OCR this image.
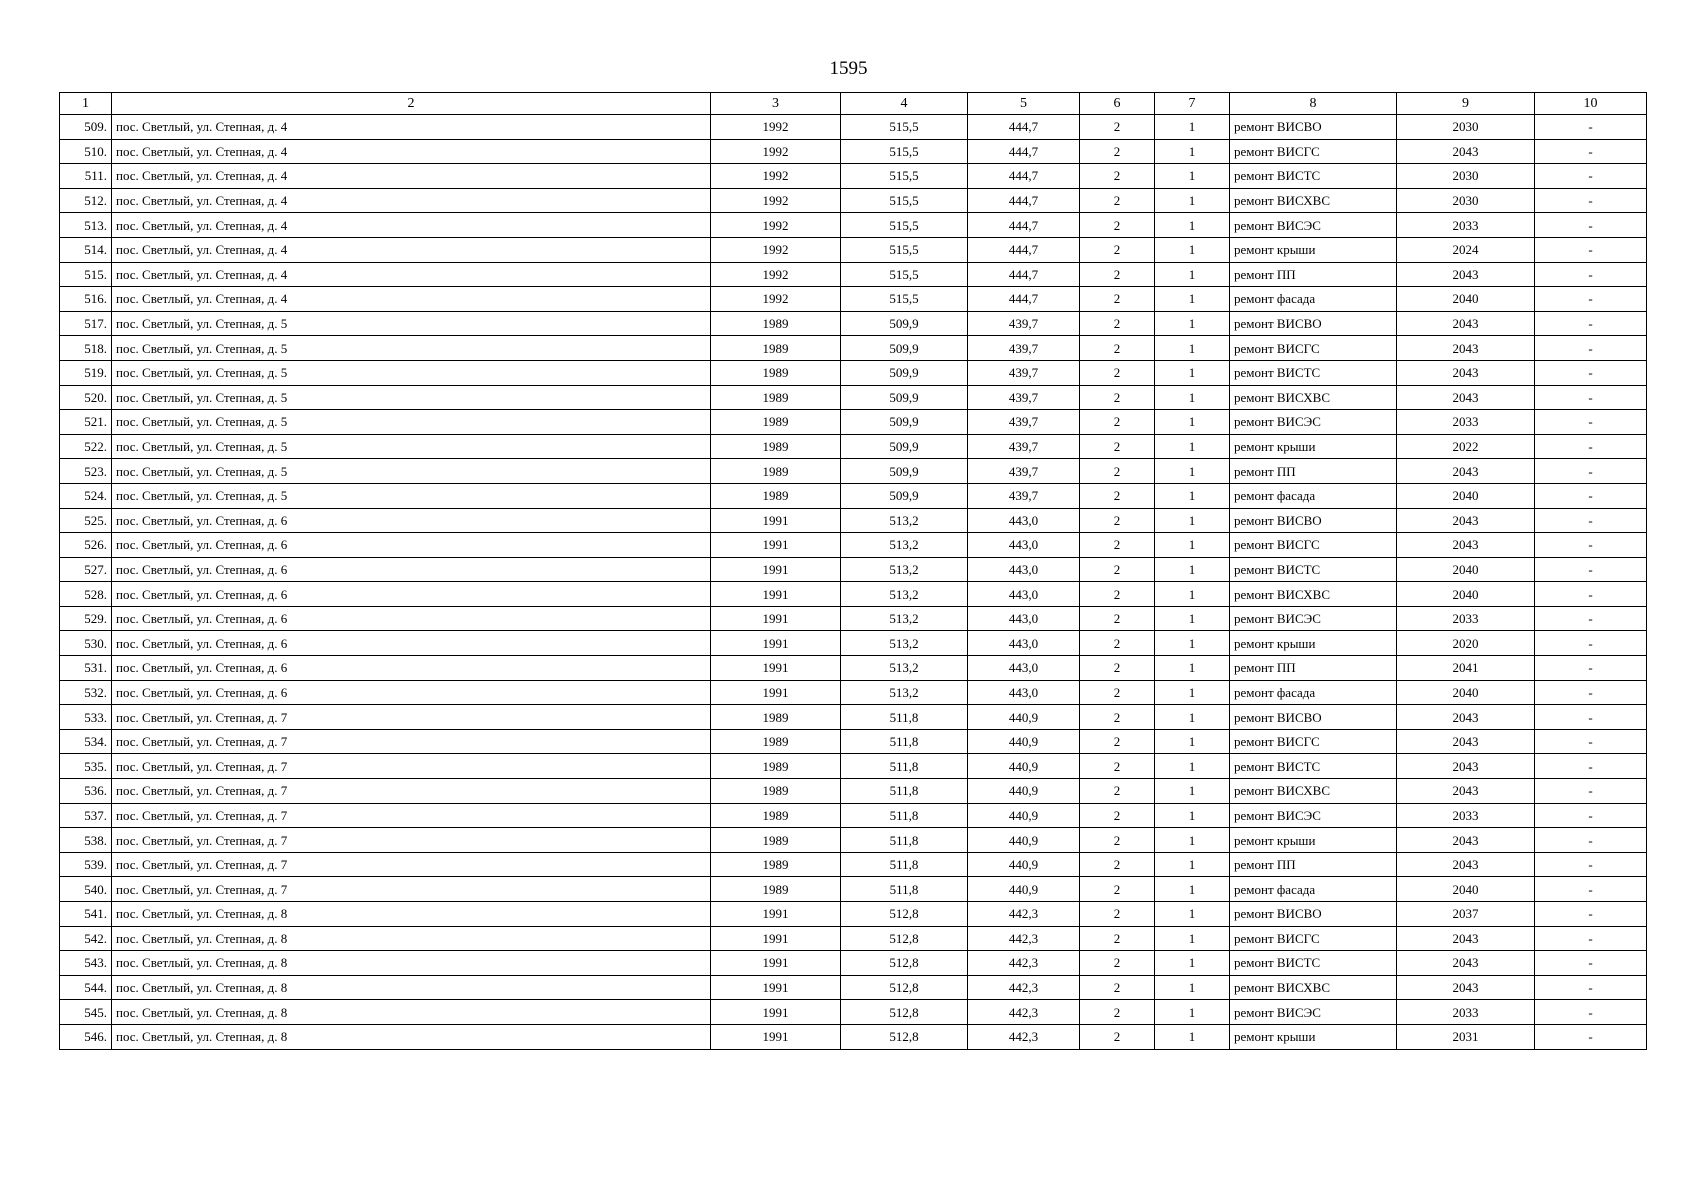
1595
1	2	3	4	5	6	7	8	9	10
509.	пос. Светлый, ул. Степная, д. 4	1992	515,5	444,7	2	1	ремонт ВИСВО	2030	-
510.	пос. Светлый, ул. Степная, д. 4	1992	515,5	444,7	2	1	ремонт ВИСГС	2043	-
511.	пос. Светлый, ул. Степная, д. 4	1992	515,5	444,7	2	1	ремонт ВИСТС	2030	-
512.	пос. Светлый, ул. Степная, д. 4	1992	515,5	444,7	2	1	ремонт ВИСХВС	2030	-
513.	пос. Светлый, ул. Степная, д. 4	1992	515,5	444,7	2	1	ремонт ВИСЭС	2033	-
514.	пос. Светлый, ул. Степная, д. 4	1992	515,5	444,7	2	1	ремонт крыши	2024	-
515.	пос. Светлый, ул. Степная, д. 4	1992	515,5	444,7	2	1	ремонт ПП	2043	-
516.	пос. Светлый, ул. Степная, д. 4	1992	515,5	444,7	2	1	ремонт фасада	2040	-
517.	пос. Светлый, ул. Степная, д. 5	1989	509,9	439,7	2	1	ремонт ВИСВО	2043	-
518.	пос. Светлый, ул. Степная, д. 5	1989	509,9	439,7	2	1	ремонт ВИСГС	2043	-
519.	пос. Светлый, ул. Степная, д. 5	1989	509,9	439,7	2	1	ремонт ВИСТС	2043	-
520.	пос. Светлый, ул. Степная, д. 5	1989	509,9	439,7	2	1	ремонт ВИСХВС	2043	-
521.	пос. Светлый, ул. Степная, д. 5	1989	509,9	439,7	2	1	ремонт ВИСЭС	2033	-
522.	пос. Светлый, ул. Степная, д. 5	1989	509,9	439,7	2	1	ремонт крыши	2022	-
523.	пос. Светлый, ул. Степная, д. 5	1989	509,9	439,7	2	1	ремонт ПП	2043	-
524.	пос. Светлый, ул. Степная, д. 5	1989	509,9	439,7	2	1	ремонт фасада	2040	-
525.	пос. Светлый, ул. Степная, д. 6	1991	513,2	443,0	2	1	ремонт ВИСВО	2043	-
526.	пос. Светлый, ул. Степная, д. 6	1991	513,2	443,0	2	1	ремонт ВИСГС	2043	-
527.	пос. Светлый, ул. Степная, д. 6	1991	513,2	443,0	2	1	ремонт ВИСТС	2040	-
528.	пос. Светлый, ул. Степная, д. 6	1991	513,2	443,0	2	1	ремонт ВИСХВС	2040	-
529.	пос. Светлый, ул. Степная, д. 6	1991	513,2	443,0	2	1	ремонт ВИСЭС	2033	-
530.	пос. Светлый, ул. Степная, д. 6	1991	513,2	443,0	2	1	ремонт крыши	2020	-
531.	пос. Светлый, ул. Степная, д. 6	1991	513,2	443,0	2	1	ремонт ПП	2041	-
532.	пос. Светлый, ул. Степная, д. 6	1991	513,2	443,0	2	1	ремонт фасада	2040	-
533.	пос. Светлый, ул. Степная, д. 7	1989	511,8	440,9	2	1	ремонт ВИСВО	2043	-
534.	пос. Светлый, ул. Степная, д. 7	1989	511,8	440,9	2	1	ремонт ВИСГС	2043	-
535.	пос. Светлый, ул. Степная, д. 7	1989	511,8	440,9	2	1	ремонт ВИСТС	2043	-
536.	пос. Светлый, ул. Степная, д. 7	1989	511,8	440,9	2	1	ремонт ВИСХВС	2043	-
537.	пос. Светлый, ул. Степная, д. 7	1989	511,8	440,9	2	1	ремонт ВИСЭС	2033	-
538.	пос. Светлый, ул. Степная, д. 7	1989	511,8	440,9	2	1	ремонт крыши	2043	-
539.	пос. Светлый, ул. Степная, д. 7	1989	511,8	440,9	2	1	ремонт ПП	2043	-
540.	пос. Светлый, ул. Степная, д. 7	1989	511,8	440,9	2	1	ремонт фасада	2040	-
541.	пос. Светлый, ул. Степная, д. 8	1991	512,8	442,3	2	1	ремонт ВИСВО	2037	-
542.	пос. Светлый, ул. Степная, д. 8	1991	512,8	442,3	2	1	ремонт ВИСГС	2043	-
543.	пос. Светлый, ул. Степная, д. 8	1991	512,8	442,3	2	1	ремонт ВИСТС	2043	-
544.	пос. Светлый, ул. Степная, д. 8	1991	512,8	442,3	2	1	ремонт ВИСХВС	2043	-
545.	пос. Светлый, ул. Степная, д. 8	1991	512,8	442,3	2	1	ремонт ВИСЭС	2033	-
546.	пос. Светлый, ул. Степная, д. 8	1991	512,8	442,3	2	1	ремонт крыши	2031	-
